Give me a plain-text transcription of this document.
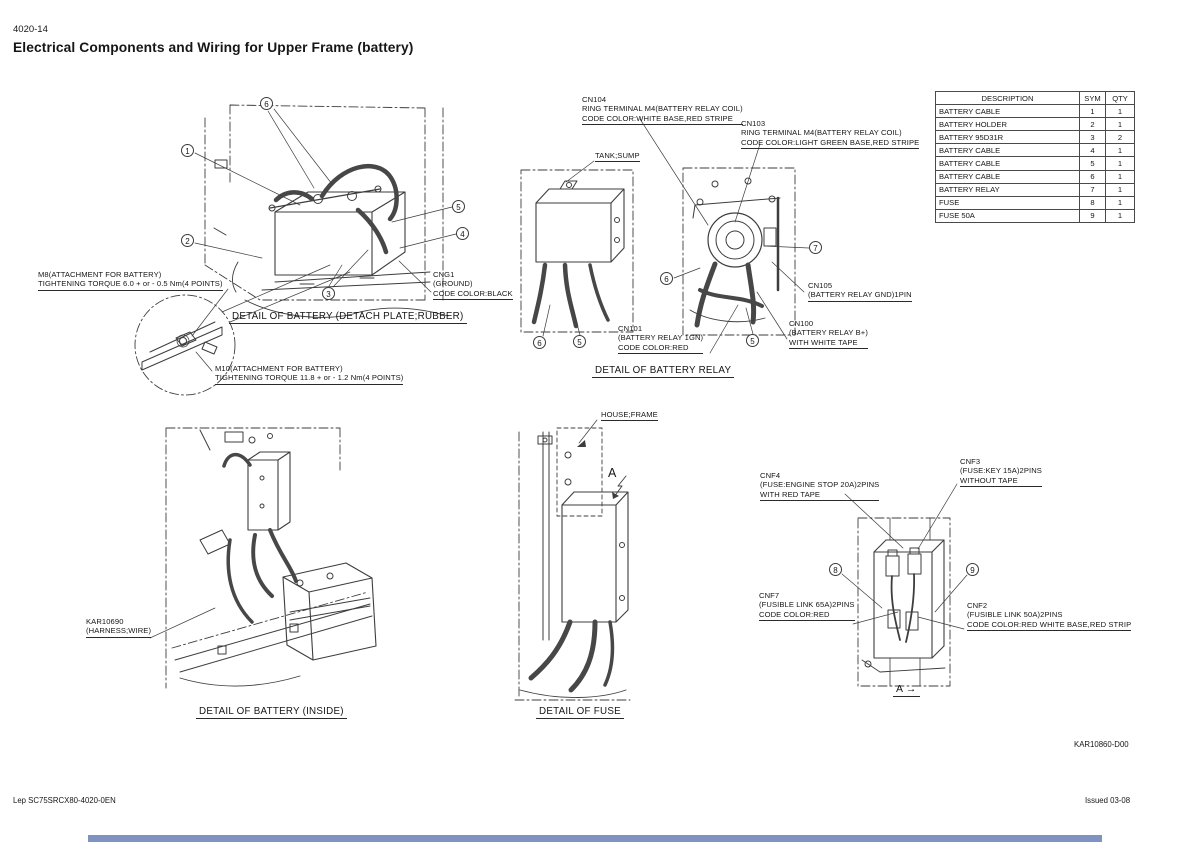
4020-14
Electrical Components and Wiring for Upper Frame (battery)
DESCRIPTION	SYM	QTY
BATTERY CABLE	1	1
BATTERY HOLDER	2	1
BATTERY 95D31R	3	2
BATTERY CABLE	4	1
BATTERY CABLE	5	1
BATTERY CABLE	6	1
BATTERY RELAY	7	1
FUSE	8	1
FUSE 50A	9	1
CN104
RING TERMINAL M4(BATTERY RELAY COIL)
CODE COLOR:WHITE BASE,RED STRIPE
CN103
RING TERMINAL M4(BATTERY RELAY COIL)
CODE COLOR:LIGHT GREEN BASE,RED STRIPE
TANK;SUMP
M8(ATTACHMENT FOR BATTERY)
TIGHTENING TORQUE 6.0 + or - 0.5 Nm(4 POINTS)
CNG1
(GROUND)
CODE COLOR:BLACK
M10(ATTACHMENT FOR BATTERY)
TIGHTENING TORQUE 11.8 + or - 1.2 Nm(4 POINTS)
CN101
(BATTERY RELAY 1GN)
CODE COLOR:RED
CN105
(BATTERY RELAY GND)1PIN
CN100
(BATTERY RELAY B+)
WITH WHITE TAPE
HOUSE;FRAME
KAR10690
(HARNESS;WIRE)
CNF4
(FUSE:ENGINE STOP 20A)2PINS
WITH RED TAPE
CNF3
(FUSE:KEY 15A)2PINS
WITHOUT TAPE
CNF7
(FUSIBLE LINK 65A)2PINS
CODE COLOR:RED
CNF2
(FUSIBLE LINK 50A)2PINS
CODE COLOR:RED WHITE BASE,RED STRIP
DETAIL OF BATTERY (DETACH PLATE;RUBBER)
DETAIL OF BATTERY RELAY
DETAIL OF BATTERY (INSIDE)	DETAIL OF FUSE
A
A →
6
1
5
4
2
3
6	5
6
7
5
8	9
KAR10860-D00
Lep SC75SRCX80-4020-0EN	Issued 03-08
